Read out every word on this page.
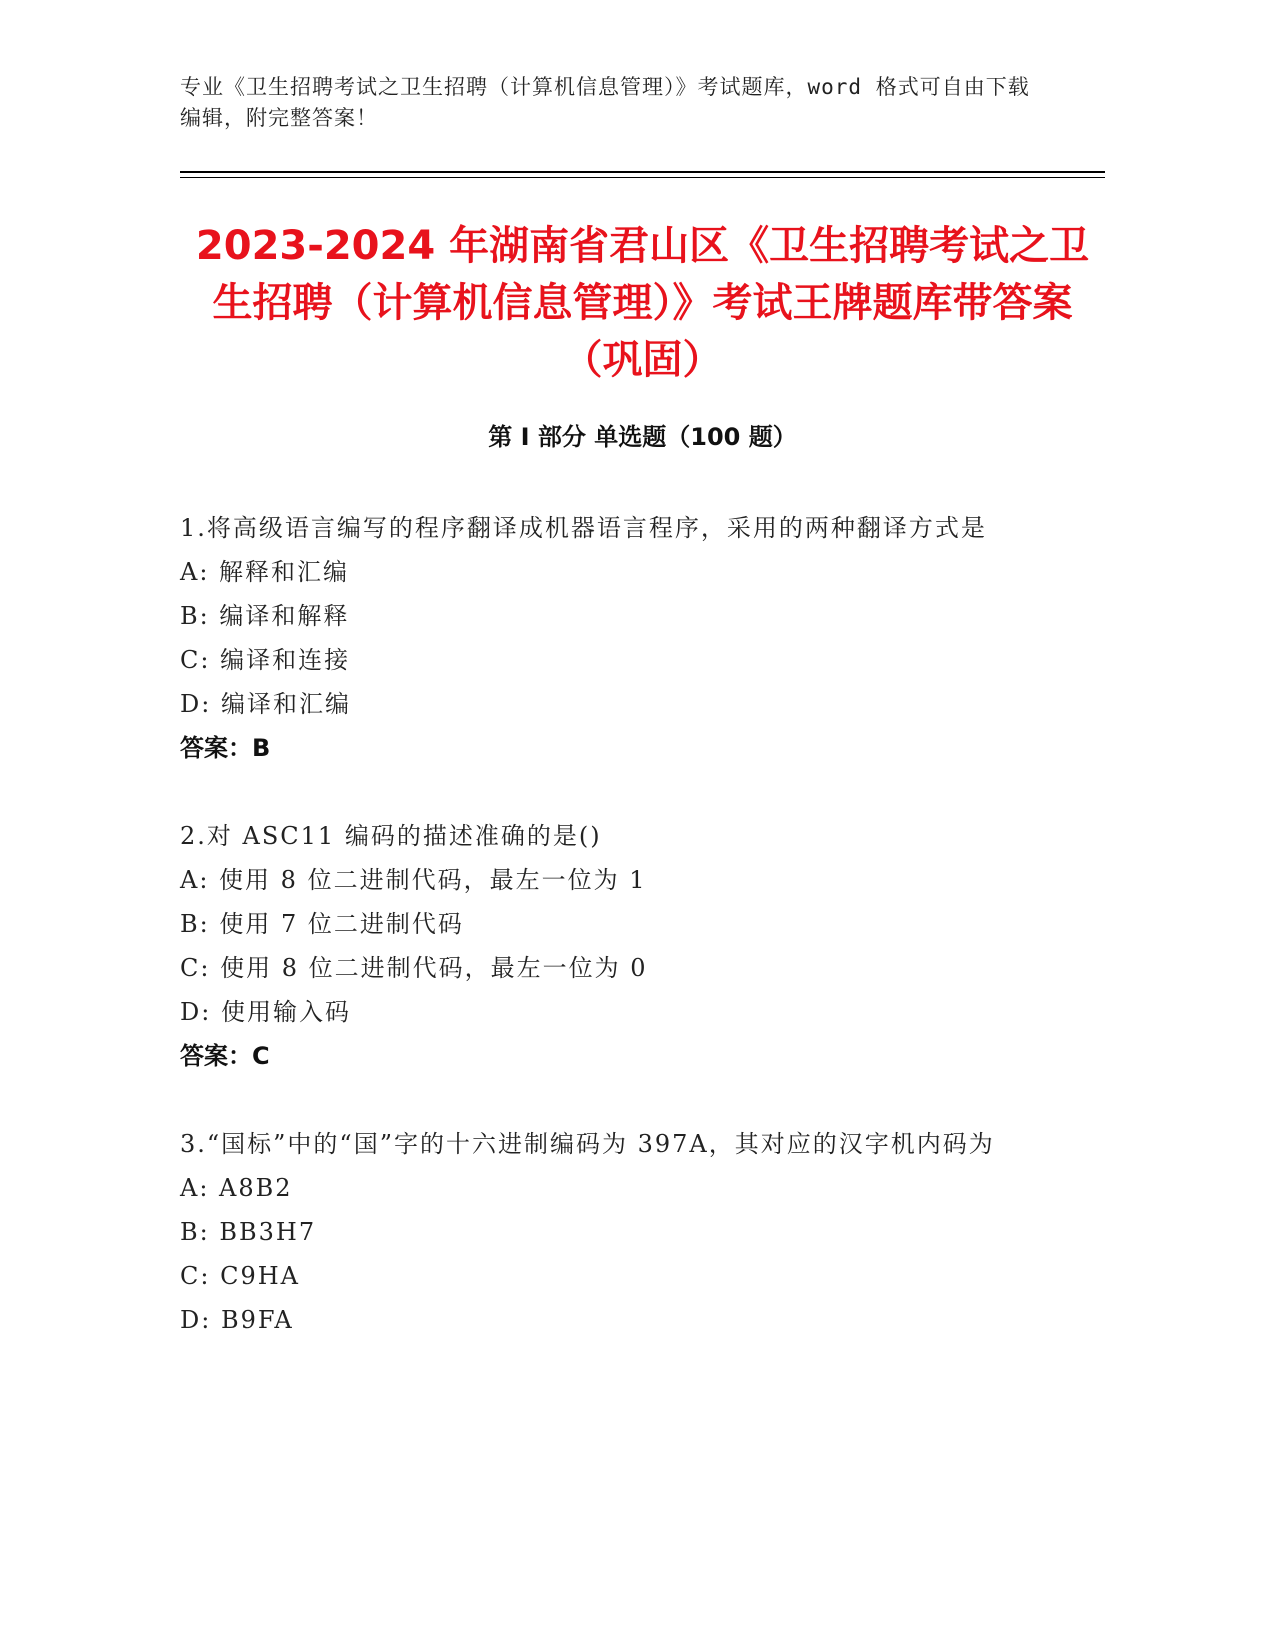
专业《卫生招聘考试之卫生招聘（计算机信息管理）》考试题库，word 格式可自由下载编辑，附完整答案！

2023-2024 年湖南省君山区《卫生招聘考试之卫生招聘（计算机信息管理）》考试王牌题库带答案（巩固）
第 I 部分 单选题（100 题）
1.将高级语言编写的程序翻译成机器语言程序，采用的两种翻译方式是
A: 解释和汇编
B: 编译和解释
C: 编译和连接
D: 编译和汇编
答案：B
2.对 ASC11 编码的描述准确的是()
A: 使用 8 位二进制代码，最左一位为 1
B: 使用 7 位二进制代码
C: 使用 8 位二进制代码，最左一位为 0
D: 使用输入码
答案：C
3.“国标”中的“国”字的十六进制编码为 397A，其对应的汉字机内码为
A: A8B2
B: BB3H7
C: C9HA
D: B9FA
